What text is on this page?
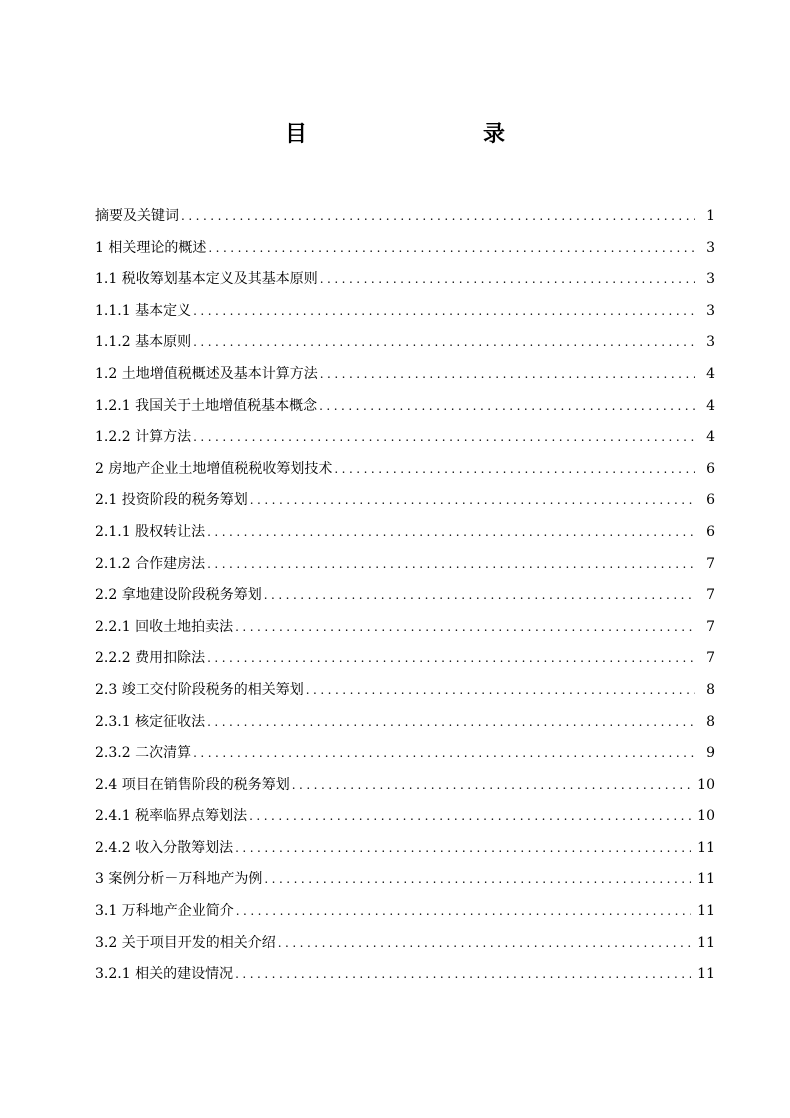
目　　录
摘要及关键词 .....	1
1 相关理论的概述 .....	3
1.1 税收筹划基本定义及其基本原则 .....	3
1.1.1 基本定义 .....	3
1.1.2 基本原则 .....	3
1.2 土地增值税概述及基本计算方法 .....	4
1.2.1 我国关于土地增值税基本概念 .....	4
1.2.2 计算方法 .....	4
2 房地产企业土地增值税税收筹划技术 .....	6
2.1 投资阶段的税务筹划 .....	6
2.1.1 股权转让法 .....	6
2.1.2 合作建房法 .....	7
2.2 拿地建设阶段税务筹划 .....	7
2.2.1 回收土地拍卖法 .....	7
2.2.2 费用扣除法 .....	7
2.3 竣工交付阶段税务的相关筹划 .....	8
2.3.1 核定征收法 .....	8
2.3.2 二次清算 .....	9
2.4 项目在销售阶段的税务筹划 .....	10
2.4.1 税率临界点筹划法 .....	10
2.4.2 收入分散筹划法 .....	11
3 案例分析－万科地产为例 .....	11
3.1 万科地产企业简介 .....	11
3.2 关于项目开发的相关介绍 .....	11
3.2.1 相关的建设情况 .....	11
